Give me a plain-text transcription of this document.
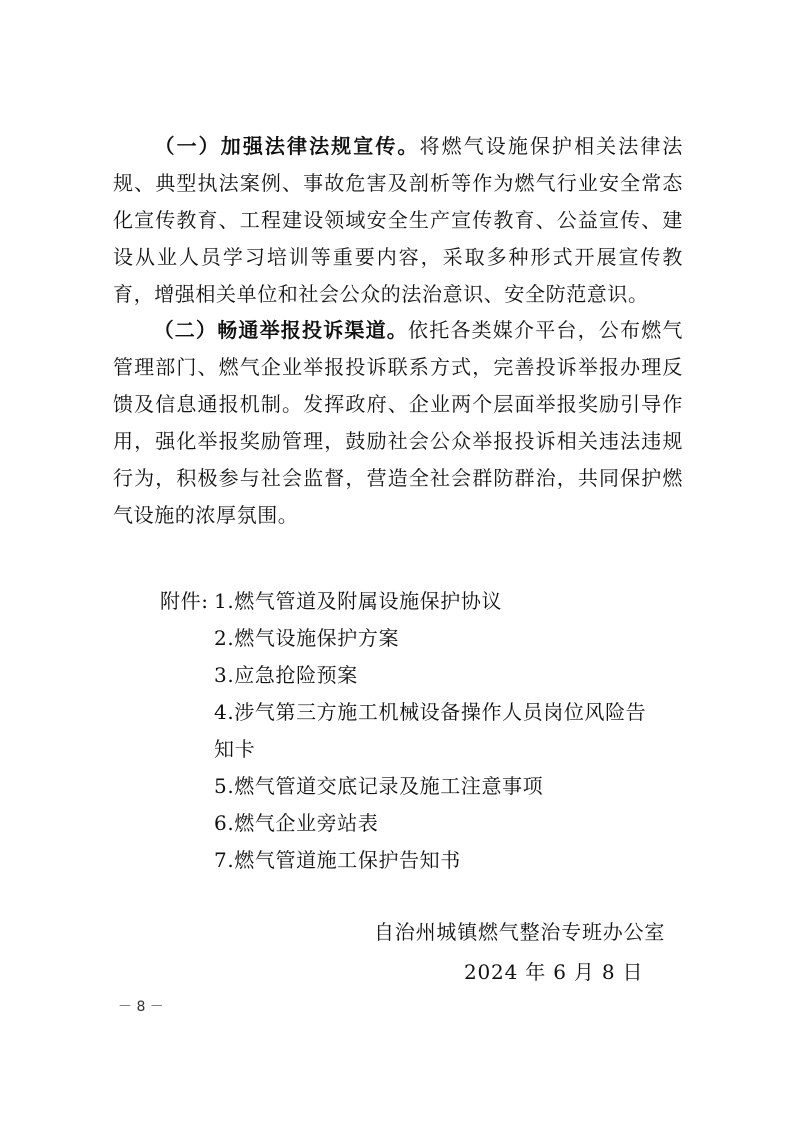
（一）加强法律法规宣传。将燃气设施保护相关法律法规、典型执法案例、事故危害及剖析等作为燃气行业安全常态化宣传教育、工程建设领域安全生产宣传教育、公益宣传、建设从业人员学习培训等重要内容，采取多种形式开展宣传教育，增强相关单位和社会公众的法治意识、安全防范意识。

（二）畅通举报投诉渠道。依托各类媒介平台，公布燃气管理部门、燃气企业举报投诉联系方式，完善投诉举报办理反馈及信息通报机制。发挥政府、企业两个层面举报奖励引导作用，强化举报奖励管理，鼓励社会公众举报投诉相关违法违规行为，积极参与社会监督，营造全社会群防群治，共同保护燃气设施的浓厚氛围。

附件: 1.燃气管道及附属设施保护协议
2.燃气设施保护方案
3.应急抢险预案
4.涉气第三方施工机械设备操作人员岗位风险告
知卡
5.燃气管道交底记录及施工注意事项
6.燃气企业旁站表
7.燃气管道施工保护告知书
自治州城镇燃气整治专班办公室
2024 年 6 月 8 日
－ 8 －
